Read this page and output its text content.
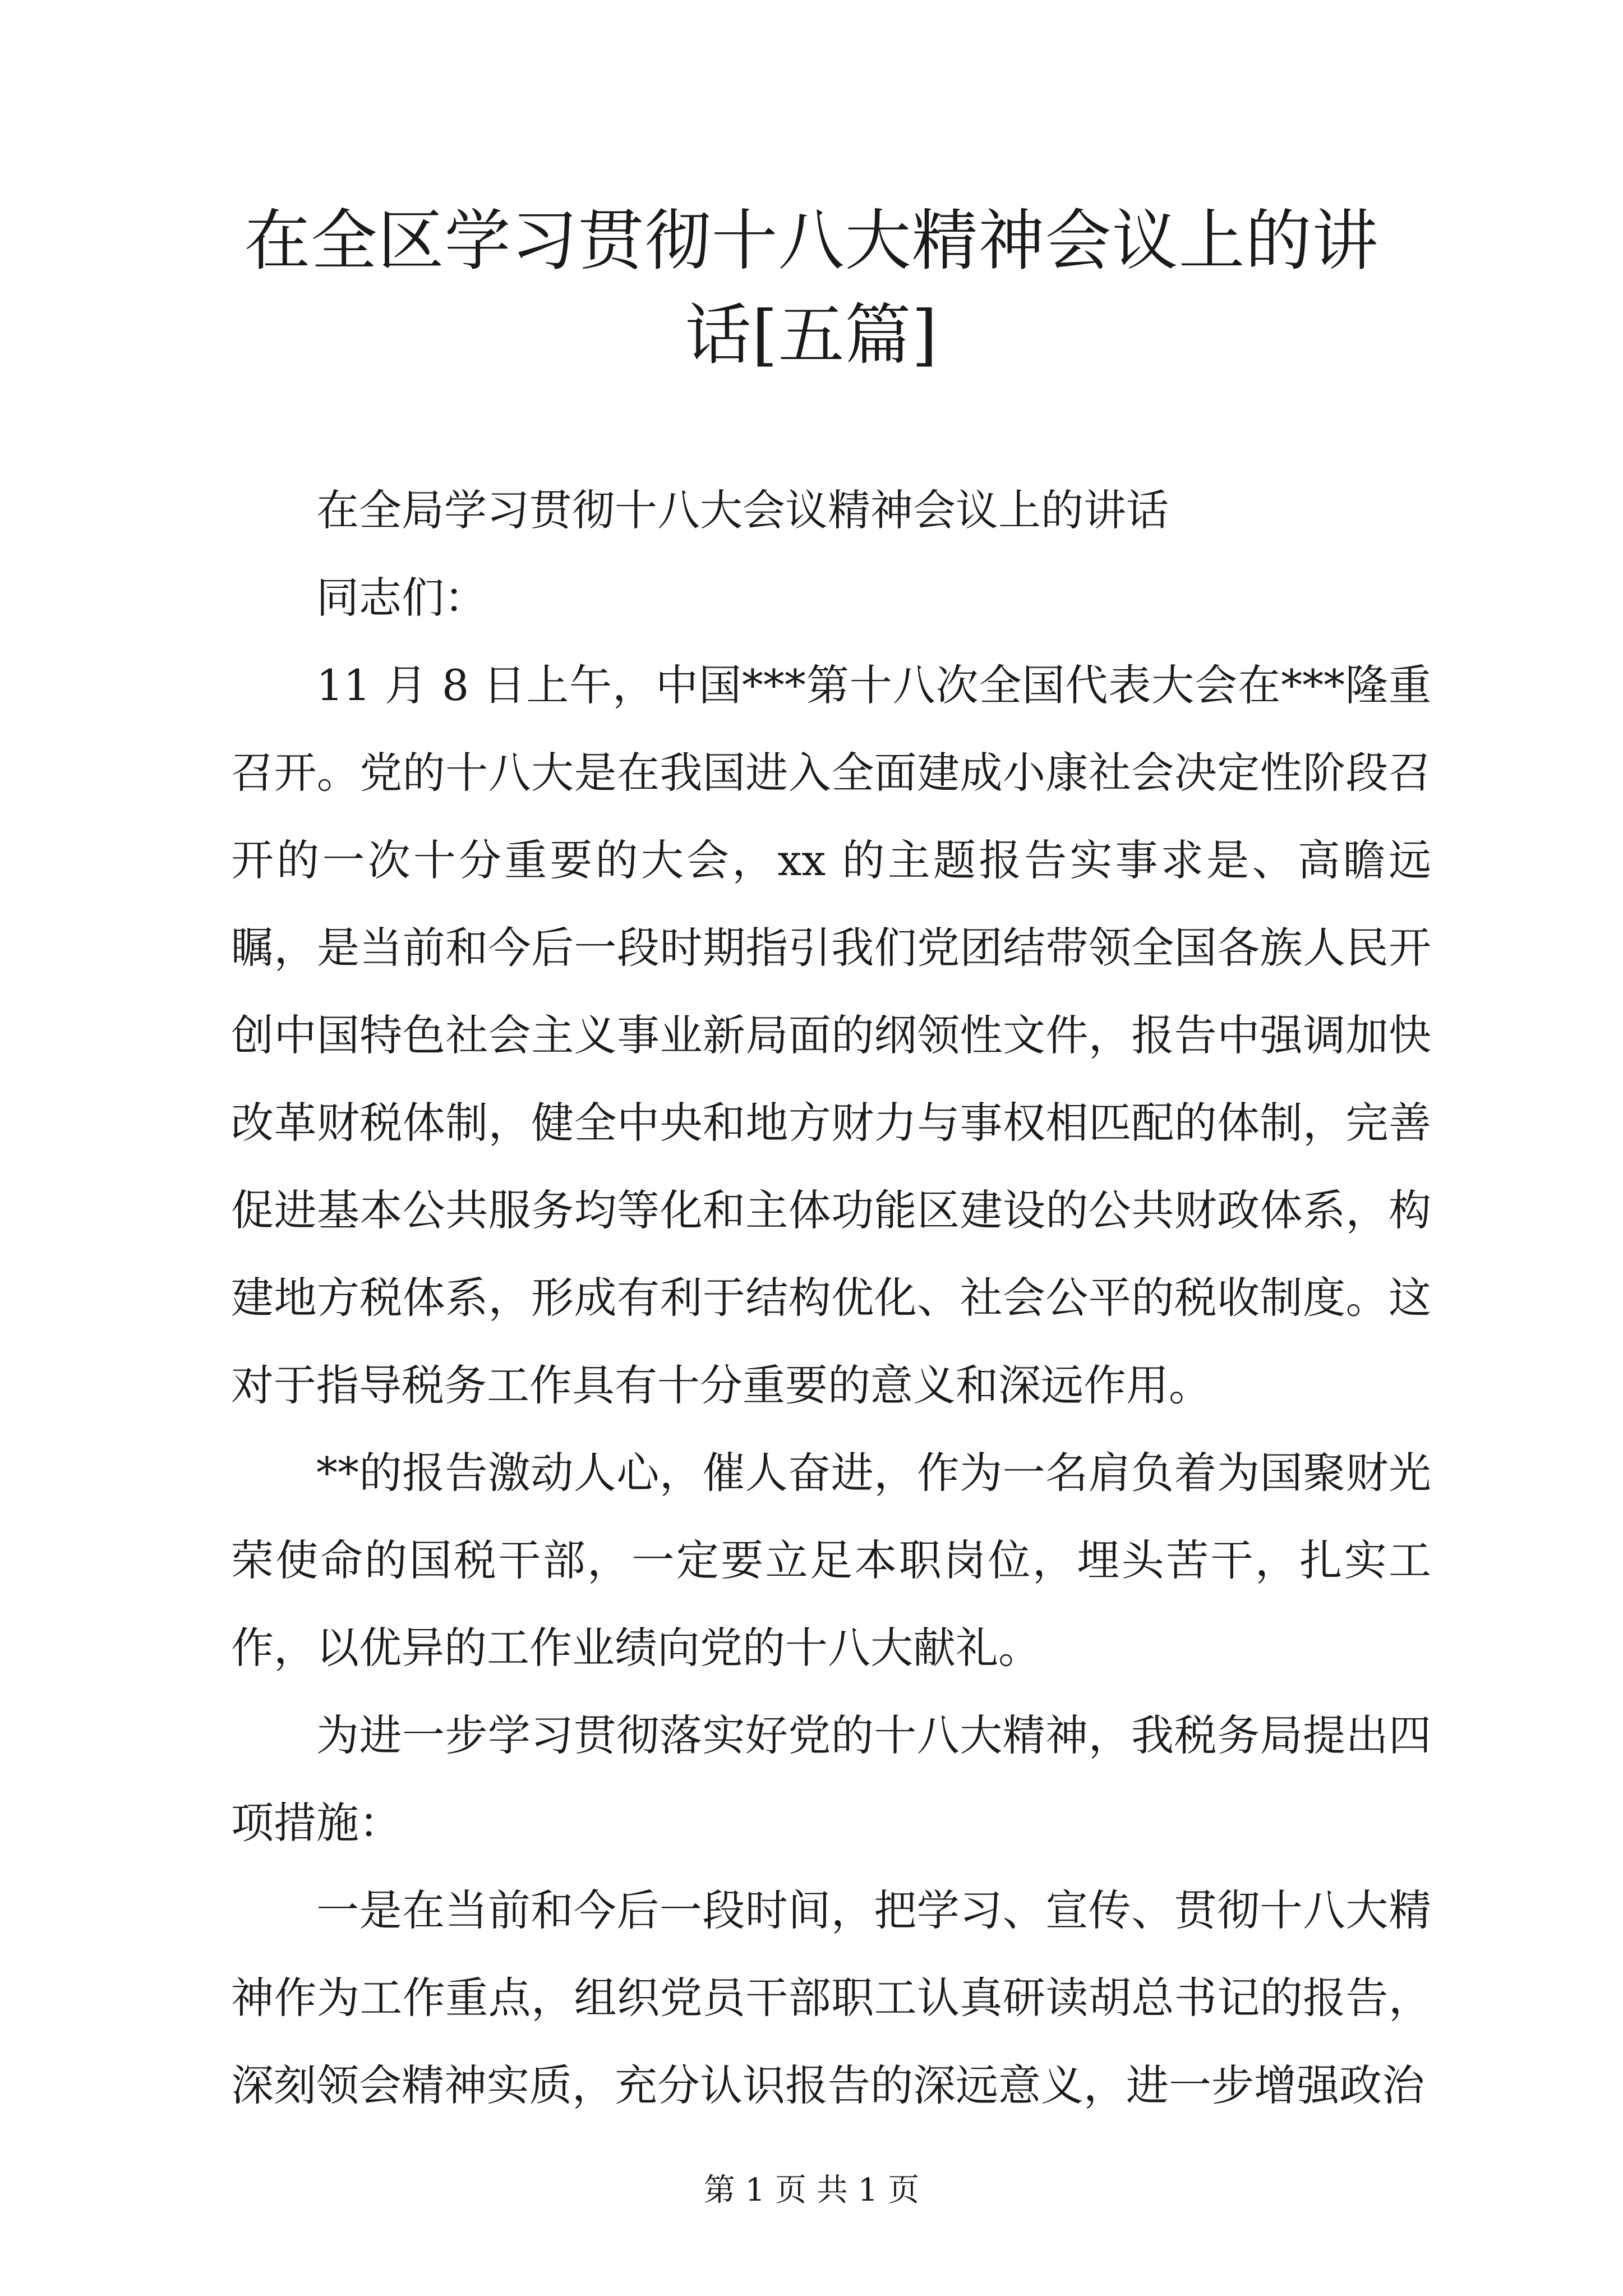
在全区学习贯彻十八大精神会议上的讲话[五篇]

在全局学习贯彻十八大会议精神会议上的讲话

同志们：

11 月 8 日上午，中国***第十八次全国代表大会在***隆重召开。党的十八大是在我国进入全面建成小康社会决定性阶段召开的一次十分重要的大会，xx 的主题报告实事求是、高瞻远瞩，是当前和今后一段时期指引我们党团结带领全国各族人民开创中国特色社会主义事业新局面的纲领性文件，报告中强调加快改革财税体制，健全中央和地方财力与事权相匹配的体制，完善促进基本公共服务均等化和主体功能区建设的公共财政体系，构建地方税体系，形成有利于结构优化、社会公平的税收制度。这对于指导税务工作具有十分重要的意义和深远作用。

**的报告激动人心，催人奋进，作为一名肩负着为国聚财光荣使命的国税干部，一定要立足本职岗位，埋头苦干，扎实工作，以优异的工作业绩向党的十八大献礼。

为进一步学习贯彻落实好党的十八大精神，我税务局提出四项措施：

一是在当前和今后一段时间，把学习、宣传、贯彻十八大精神作为工作重点，组织党员干部职工认真研读胡总书记的报告，深刻领会精神实质，充分认识报告的深远意义，进一步增强政治

第 1 页 共 1 页
